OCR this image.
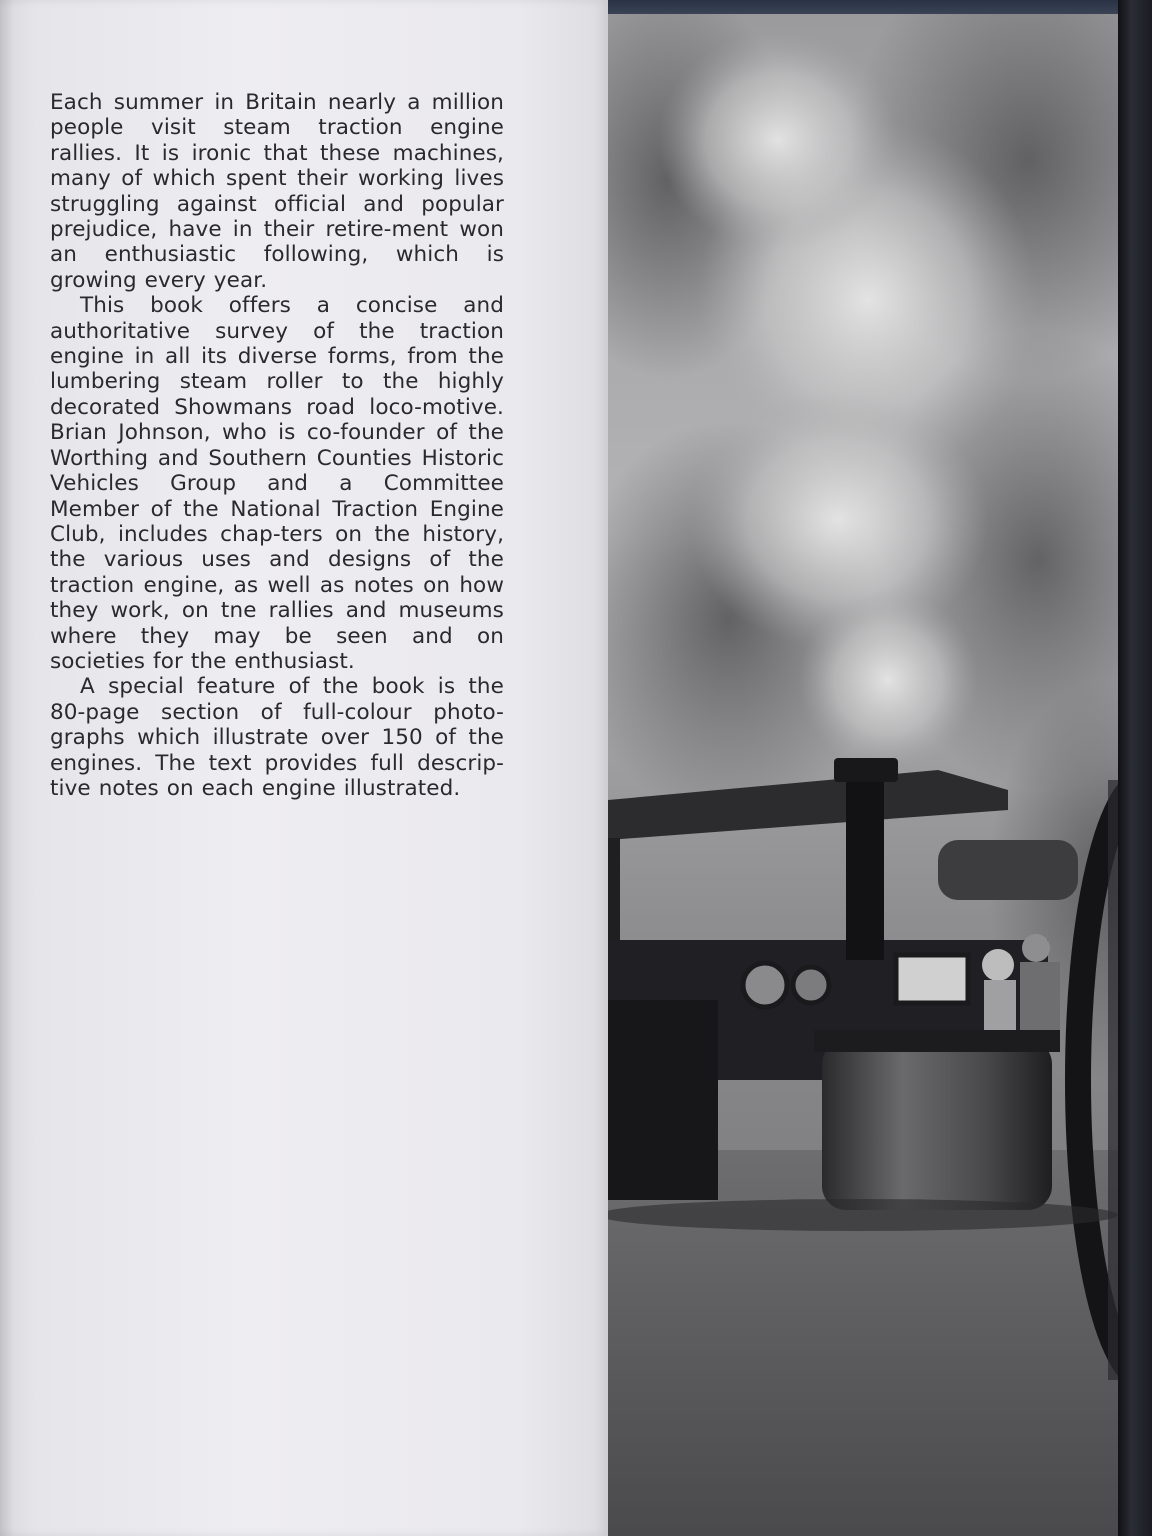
Each summer in Britain nearly a million people visit steam traction engine rallies. It is ironic that these machines, many of which spent their working lives struggling against official and popular prejudice, have in their retire-ment won an enthusiastic following, which is growing every year.

This book offers a concise and authoritative survey of the traction engine in all its diverse forms, from the lumbering steam roller to the highly decorated Showmans road loco-motive. Brian Johnson, who is co-founder of the Worthing and Southern Counties Historic Vehicles Group and a Committee Member of the National Traction Engine Club, includes chap-ters on the history, the various uses and designs of the traction engine, as well as notes on how they work, on tne rallies and museums where they may be seen and on societies for the enthusiast.

A special feature of the book is the 80-page section of full-colour photo-graphs which illustrate over 150 of the engines. The text provides full descrip-tive notes on each engine illustrated.
